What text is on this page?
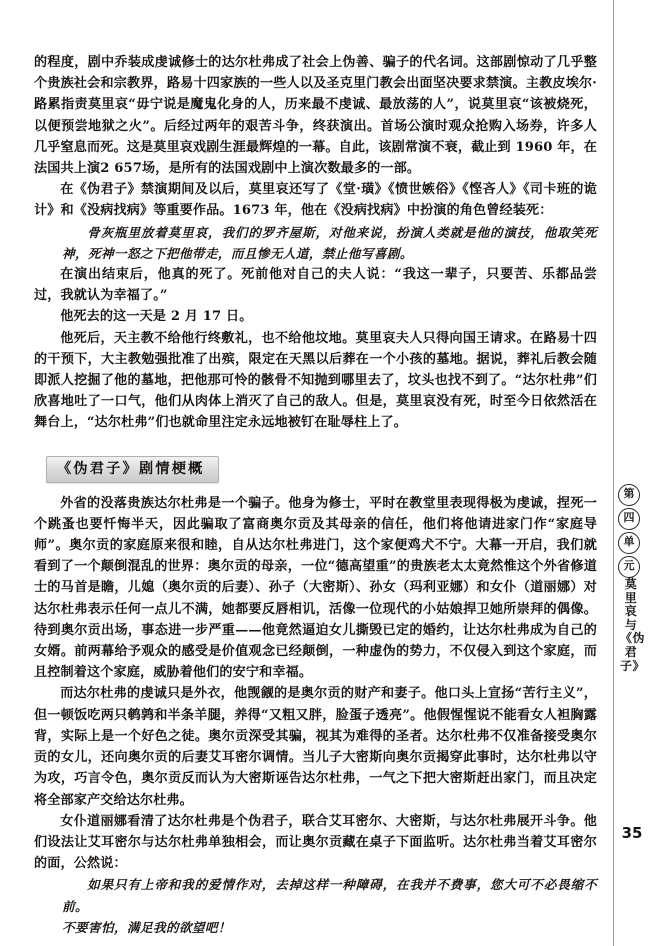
的程度，剧中乔装成虔诚修士的达尔杜弗成了社会上伪善、骗子的代名词。这部剧惊动了几乎整个贵族社会和宗教界，路易十四家族的一些人以及圣克里门教会出面坚决要求禁演。主教皮埃尔·路累指责莫里哀“毋宁说是魔鬼化身的人，历来最不虔诚、最放荡的人”，说莫里哀“该被烧死，以便预尝地狱之火”。后经过两年的艰苦斗争，终获演出。首场公演时观众抢购入场券，许多人几乎窒息而死。这是莫里哀戏剧生涯最辉煌的一幕。自此，该剧常演不衰，截止到 1960 年，在法国共上演2 657场，是所有的法国戏剧中上演次数最多的一部。

在《伪君子》禁演期间及以后，莫里哀还写了《堂·璜》《愤世嫉俗》《悭吝人》《司卡班的诡计》和《没病找病》等重要作品。1673 年，他在《没病找病》中扮演的角色曾经装死：

骨灰瓶里放着莫里哀，我们的罗齐屋斯，对他来说，扮演人类就是他的演技，他取笑死神，死神一怒之下把他带走，而且惨无人道，禁止他写喜剧。

在演出结束后，他真的死了。死前他对自己的夫人说：“我这一辈子，只要苦、乐都品尝过，我就认为幸福了。”

他死去的这一天是 2 月 17 日。

他死后，天主教不给他行终敷礼，也不给他坟地。莫里哀夫人只得向国王请求。在路易十四的干预下，大主教勉强批准了出殡，限定在天黑以后葬在一个小孩的墓地。据说，葬礼后教会随即派人挖掘了他的墓地，把他那可怜的骸骨不知抛到哪里去了，坟头也找不到了。“达尔杜弗”们欣喜地吐了一口气，他们从肉体上消灭了自己的敌人。但是，莫里哀没有死，时至今日依然活在舞台上，“达尔杜弗”们也就命里注定永远地被钉在耻辱柱上了。

《伪君子》剧情梗概

外省的没落贵族达尔杜弗是一个骗子。他身为修士，平时在教堂里表现得极为虔诚，捏死一个跳蚤也要忏悔半天，因此骗取了富商奥尔贡及其母亲的信任，他们将他请进家门作“家庭导师”。奥尔贡的家庭原来很和睦，自从达尔杜弗进门，这个家便鸡犬不宁。大幕一开启，我们就看到了一个颠倒混乱的世界：奥尔贡的母亲，一位“德高望重”的贵族老太太竟然惟这个外省修道士的马首是瞻，儿媳（奥尔贡的后妻）、孙子（大密斯）、孙女（玛利亚娜）和女仆（道丽娜）对达尔杜弗表示任何一点儿不满，她都要反唇相讥，活像一位现代的小姑娘捍卫她所崇拜的偶像。待到奥尔贡出场，事态进一步严重——他竟然逼迫女儿撕毁已定的婚约，让达尔杜弗成为自己的女婿。前两幕给予观众的感受是价值观念已经颠倒，一种虚伪的势力，不仅侵入到这个家庭，而且控制着这个家庭，威胁着他们的安宁和幸福。

而达尔杜弗的虔诚只是外衣，他觊觎的是奥尔贡的财产和妻子。他口头上宣扬“苦行主义”，但一顿饭吃两只鹌鹑和半条羊腿，养得“又粗又胖，脸蛋子透亮”。他假惺惺说不能看女人袒胸露背，实际上是一个好色之徒。奥尔贡深受其骗，视其为难得的圣者。达尔杜弗不仅准备接受奥尔贡的女儿，还向奥尔贡的后妻艾耳密尔调情。当儿子大密斯向奥尔贡揭穿此事时，达尔杜弗以守为攻，巧言令色，奥尔贡反而认为大密斯诬告达尔杜弗，一气之下把大密斯赶出家门，而且决定将全部家产交给达尔杜弗。

女仆道丽娜看清了达尔杜弗是个伪君子，联合艾耳密尔、大密斯，与达尔杜弗展开斗争。他们设法让艾耳密尔与达尔杜弗单独相会，而让奥尔贡藏在桌子下面监听。达尔杜弗当着艾耳密尔的面，公然说：

如果只有上帝和我的爱情作对，去掉这样一种障碍，在我并不费事，您大可不必畏缩不前。

不要害怕，满足我的欲望吧！

第
四
单
元
莫里哀与《伪君子》
35
